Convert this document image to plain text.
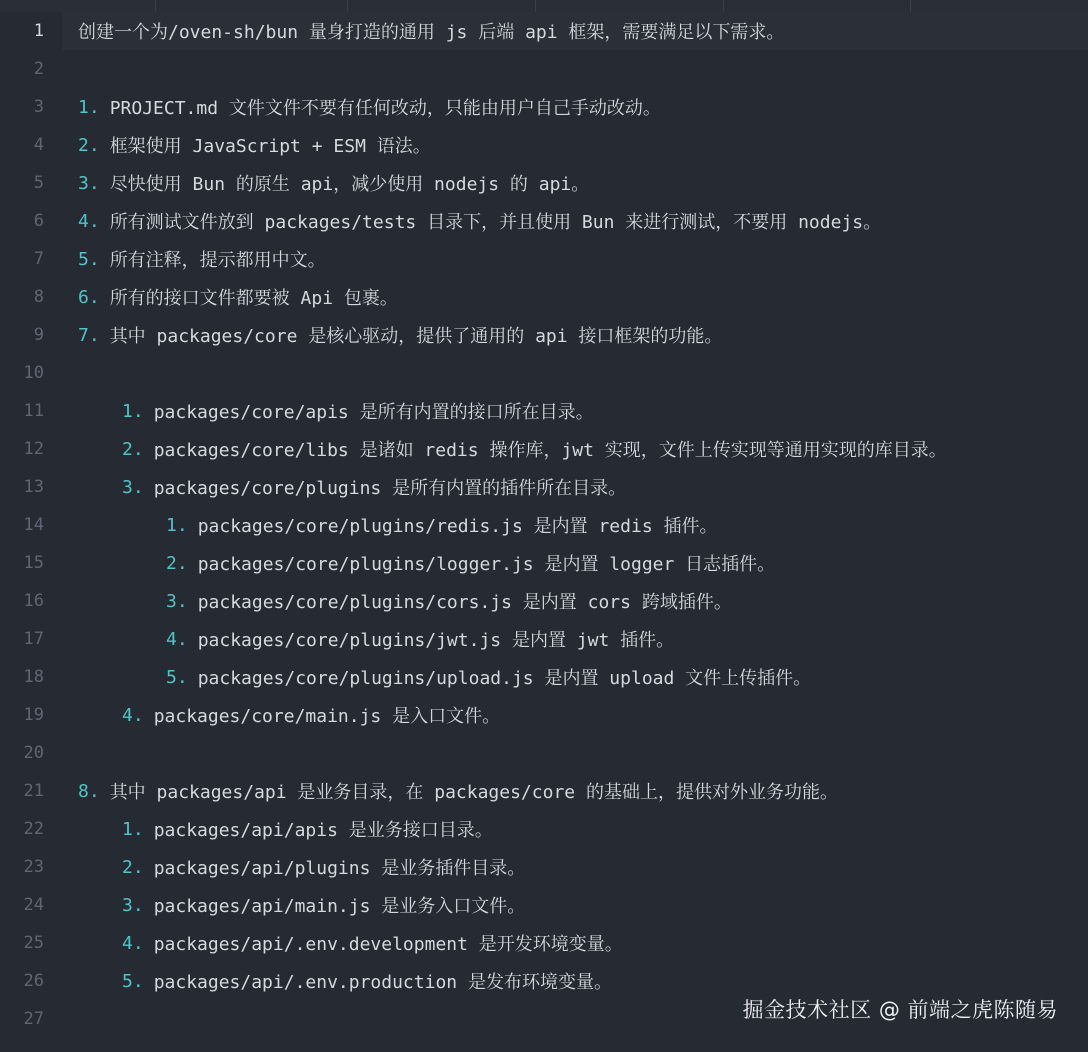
1 创建一个为/oven-sh/bun 量身打造的通用 js 后端 api 框架，需要满足以下需求。
2
3 1. PROJECT.md 文件文件不要有任何改动，只能由用户自己手动改动。
4 2. 框架使用 JavaScript + ESM 语法。
5 3. 尽快使用 Bun 的原生 api，减少使用 nodejs 的 api。
6 4. 所有测试文件放到 packages/tests 目录下，并且使用 Bun 来进行测试，不要用 nodejs。
7 5. 所有注释，提示都用中文。
8 6. 所有的接口文件都要被 Api 包裹。
9 7. 其中 packages/core 是核心驱动，提供了通用的 api 接口框架的功能。
10
11	1. packages/core/apis 是所有内置的接口所在目录。
12	2. packages/core/libs 是诸如 redis 操作库，jwt 实现，文件上传实现等通用实现的库目录。
13	3. packages/core/plugins 是所有内置的插件所在目录。
14	1. packages/core/plugins/redis.js 是内置 redis 插件。
15	2. packages/core/plugins/logger.js 是内置 logger 日志插件。
16	3. packages/core/plugins/cors.js 是内置 cors 跨域插件。
17	4. packages/core/plugins/jwt.js 是内置 jwt 插件。
18	5. packages/core/plugins/upload.js 是内置 upload 文件上传插件。
19	4. packages/core/main.js 是入口文件。
20
21 8. 其中 packages/api 是业务目录，在 packages/core 的基础上，提供对外业务功能。
22	1. packages/api/apis 是业务接口目录。
23	2. packages/api/plugins 是业务插件目录。
24	3. packages/api/main.js 是业务入口文件。
25	4. packages/api/.env.development 是开发环境变量。
26	5. packages/api/.env.production 是发布环境变量。
27	掘金技术社区 @ 前端之虎陈随易
